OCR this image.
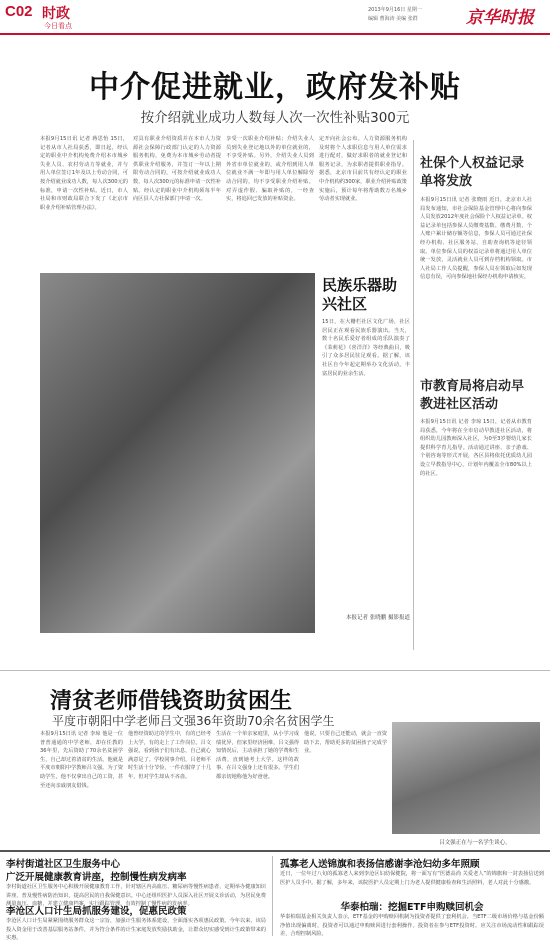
C02 时政
今日看点
2013年9月16日 星期一
编辑 曹海涛 美编 张群	京华时报
中介促进就业，政府发补贴
按介绍就业成功人数每人次一次性补贴300元
本报9月15日讯 记者 蒋思怡 15日，记者从市人社局获悉，即日起，经认定的职业中介机构免费介绍本市城乡失业人员、农村劳动力等就业，并与用人单位签订1年及以上劳动合同，可按介绍就业成功人数，每人次300元的标准，申请一次性补贴。近日，市人社局和市财政局联合下发了《北京市职业介绍补贴管理办法》。
对具有职业介绍资质并在本市人力资源社会保障行政部门认定的人力资源服务机构，免费为本市城乡劳动者提供职业介绍服务，并签订一年以上期限劳动合同的，可按介绍就业成功人数，每人次300元的标准申请一次性补贴。经认定的职业中介机构须每半年向区县人力社保部门申请一次。
享受一次职业介绍补贴；介绍失业人员到失业登记地以外的单位就业的，不享受补贴。另外，介绍失业人员到外省市单位就业的，或介绍到用人单位就业不满一年即与用人单位解除劳动合同的，均不享受职业介绍补贴。对弄虚作假、骗取补贴的，一经查实，将追回已发放的补贴资金。
定开向社会公布。人力资源服务机构及时将个人求职信息与用人单位需求进行配对，做好求职者的就业登记和服务记录，为求职者提供职业指导。据悉，北京市目前共有经认定的职业中介机构约300家，职业介绍补贴政策实施后，预计每年将帮助数万名城乡劳动者实现就业。
社保个人权益记录单将发放
本报9月15日讯 记者 张晓雨 近日，北京市人社局发布通知，市社会保险基金管理中心将向参保人员发放2012年度社会保险个人权益记录单。权益记录单包括参保人员缴费基数、缴费月数、个人账户累计储存额等信息，参保人员可通过社保经办机构、社区服务站、自助查询机等途径领取。单位参保人员的权益记录单将通过用人单位统一发放，灵活就业人员可到存档机构领取。市人社局工作人员提醒，参保人员在领取后如发现信息有误，可向参保地社保经办机构申请核实。
市教育局将启动早教进社区活动
本报9月15日讯 记者 李琼 15日，记者从市教育局获悉，今年将在全市启动早教进社区活动，将组织幼儿园教师深入社区，为0至3岁婴幼儿家长提供科学育儿指导。活动通过讲座、亲子游戏、个别咨询等形式开展，各区县将依托优质幼儿园设立早教指导中心，计划年内覆盖全市80%以上的社区。
民族乐器助兴社区
15日，在大栅栏社区文化广场，社区居民正在观看民族乐器演出。当天，数十名民乐爱好者组成的乐队演奏了《茉莉花》《喜洋洋》等经典曲目，吸引了众多居民驻足观看。据了解，该社区自今年起定期举办文化活动，丰富居民的业余生活。
本报记者 张晓鹏 摄影报道
清贫老师借钱资助贫困生
平度市朝阳中学老师吕文强36年资助70余名贫困学生
本报9月15日讯 记者 李琼 他是一位普普通通的中学老师，却在任教的36年里，先后资助了70余名贫困学生，自己却过着清贫的生活。他就是平度市朝阳中学教师吕文强。为了资助学生，他不仅拿出自己的工资，甚至还向亲戚朋友借钱。
他曾经资助过的学生中，有的已经考上大学，有的走上了工作岗位。吕文强说，看到孩子们有出息，自己就心满意足了。学校同事介绍，吕老师平时生活十分节俭，一件衣服穿了十几年，但对学生却从不吝啬。
生活在一个单亲家庭里，从小学习成绩优异，但家里经济困难，吕文强得知情况后，主动承担了她的学费和生活费，直到她考上大学。这样的故事，在吕文强身上还有很多。学生们都亲切地称他为好爸爸。
他说，只要自己还能动，就会一直资助下去，帮助更多的贫困孩子完成学业。
吕文强正在与一名学生谈心。
李村街道社区卫生服务中心
广泛开展健康教育讲座，控制慢性病发病率
李村街道社区卫生服务中心积极开展健康教育工作，针对辖区内高血压、糖尿病等慢性病患者，定期举办健康知识讲座，普及慢性病防治知识，提高居民的自我保健意识。中心还组织医护人员深入社区开展义诊活动，为居民免费测量血压、血糖，并建立健康档案，实行跟踪管理，有效控制了慢性病的发病率。
李沧区人口计生局抓服务建设，促惠民政策
李沧区人口计生局紧紧围绕服务群众这一宗旨，加强计生服务体系建设，全面落实各项惠民政策。今年以来，该局投入资金用于改善基层服务站条件，并为符合条件的计生家庭发放奖励扶助金，让群众切实感受到计生政策带来的实惠。
孤寡老人送锦旗和表扬信感谢李沧妇幼多年照顾
近日，一位年过八旬的孤寡老人来到李沧区妇幼保健院，将一面写有“医德高尚 关爱老人”的锦旗和一封表扬信送到医护人员手中。据了解，多年来，该院医护人员定期上门为老人提供健康检查和生活照料，老人对此十分感激。
华泰柏瑞：挖掘ETF申购赎回机会
华泰柏瑞基金相关负责人表示，ETF基金的申购赎回机制为投资者提供了套利机会。当ETF二级市场价格与基金份额净值出现偏离时，投资者可以通过申购赎回进行套利操作。投资者在参与ETF投资时，应关注市场流动性和跟踪误差，合理控制风险。
